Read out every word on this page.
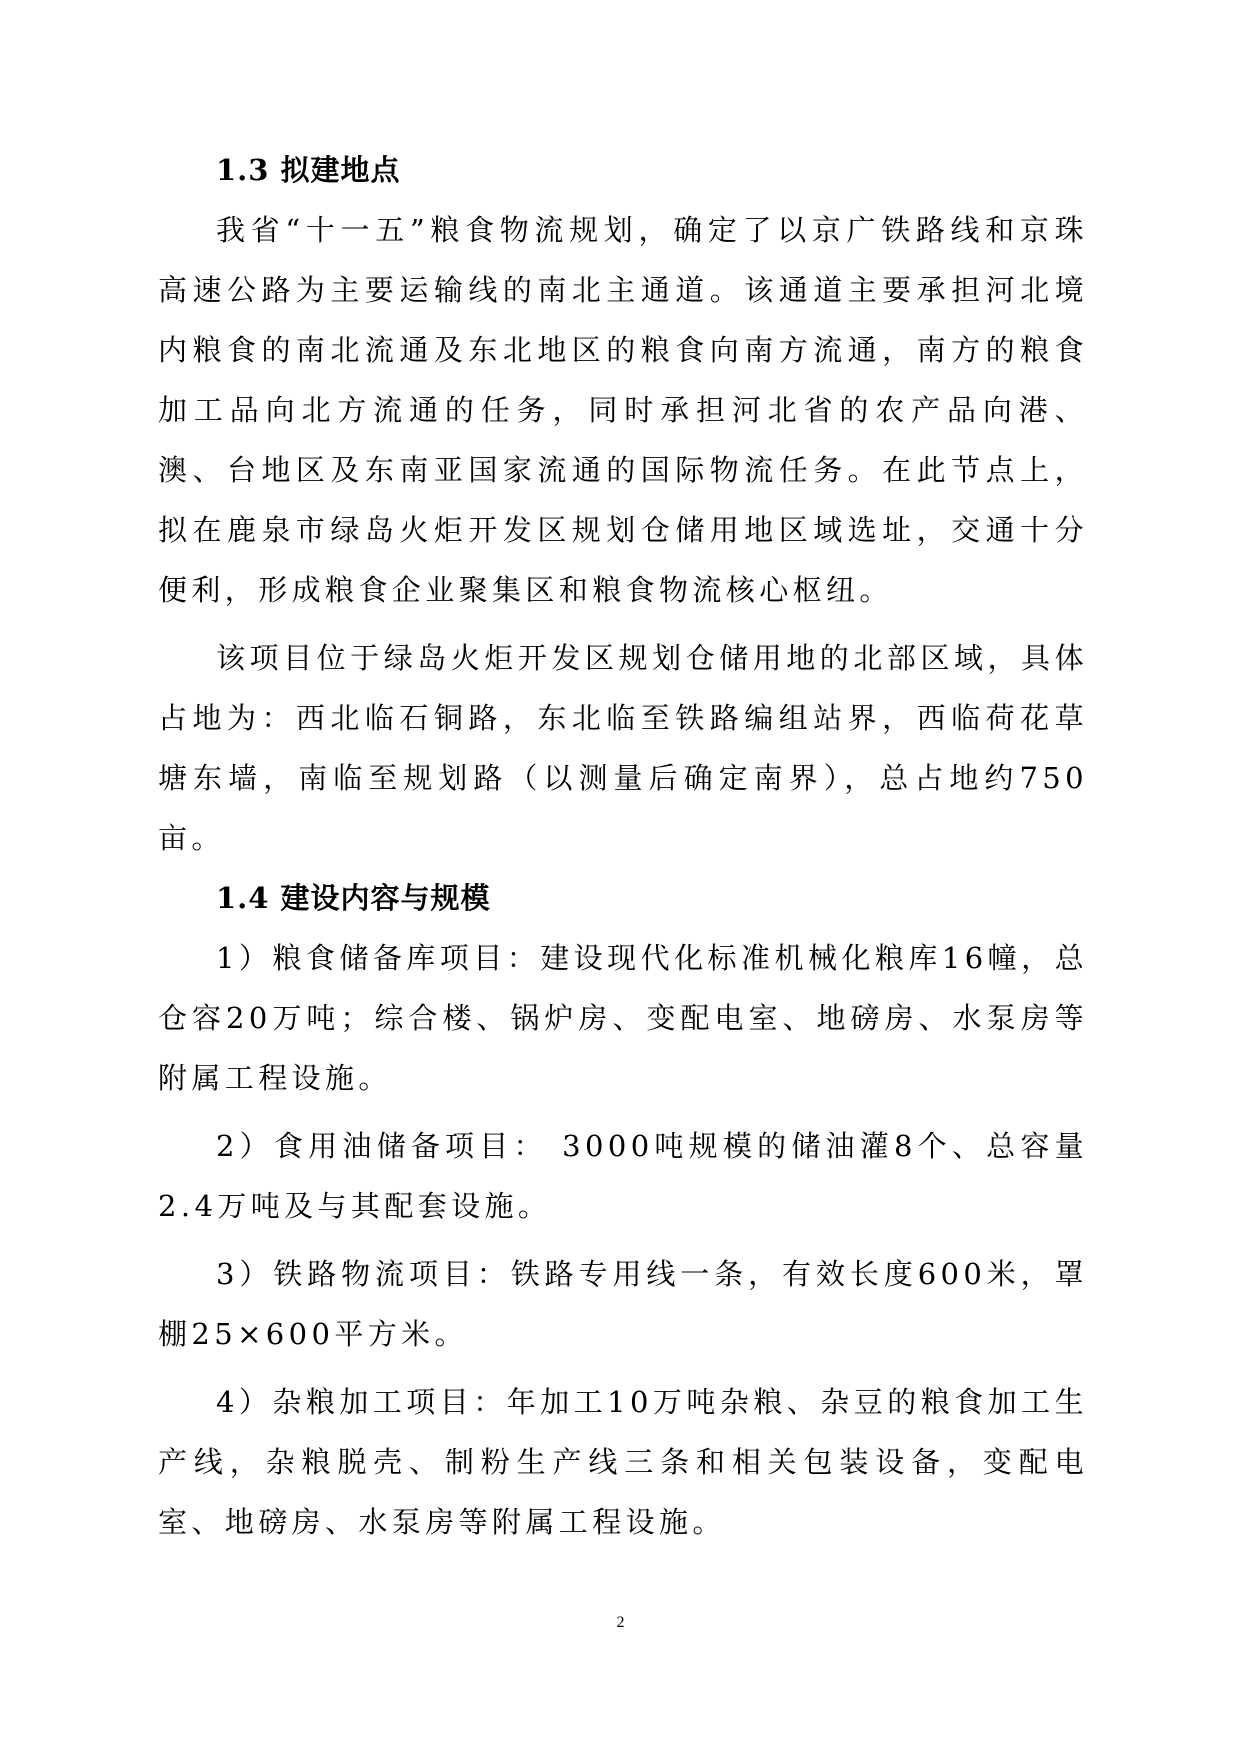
1.3 拟建地点

我省“十一五”粮食物流规划，确定了以京广铁路线和京珠高速公路为主要运输线的南北主通道。该通道主要承担河北境内粮食的南北流通及东北地区的粮食向南方流通，南方的粮食加工品向北方流通的任务，同时承担河北省的农产品向港、澳、台地区及东南亚国家流通的国际物流任务。在此节点上，拟在鹿泉市绿岛火炬开发区规划仓储用地区域选址，交通十分便利，形成粮食企业聚集区和粮食物流核心枢纽。

该项目位于绿岛火炬开发区规划仓储用地的北部区域，具体占地为：西北临石铜路，东北临至铁路编组站界，西临荷花草塘东墙，南临至规划路（以测量后确定南界），总占地约750亩。

1.4 建设内容与规模

1）粮食储备库项目：建设现代化标准机械化粮库16幢，总仓容20万吨；综合楼、锅炉房、变配电室、地磅房、水泵房等附属工程设施。

2）食用油储备项目： 3000吨规模的储油灌8个、总容量2.4万吨及与其配套设施。

3）铁路物流项目：铁路专用线一条，有效长度600米，罩棚25×600平方米。

4）杂粮加工项目：年加工10万吨杂粮、杂豆的粮食加工生产线，杂粮脱壳、制粉生产线三条和相关包装设备，变配电室、地磅房、水泵房等附属工程设施。

2
